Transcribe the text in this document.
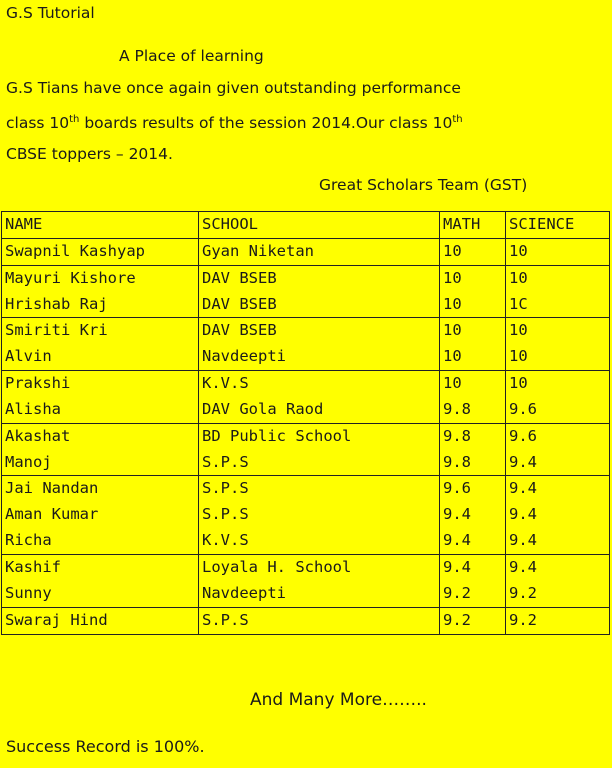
G.S Tutorial
A Place of learning
G.S Tians have once again given outstanding performance
class 10th boards results of the session 2014.Our class 10th
CBSE toppers – 2014.
Great Scholars Team (GST)
NAME	SCHOOL	MATH	SCIENCE
Swapnil Kashyap	Gyan Niketan	10	10
Mayuri Kishore	DAV BSEB	10	10
Hrishab Raj	DAV BSEB	10	1C
Smiriti Kri	DAV BSEB	10	10
Alvin	Navdeepti	10	10
Prakshi	K.V.S	10	10
Alisha	DAV Gola Raod	9.8	9.6
Akashat	BD Public School	9.8	9.6
Manoj	S.P.S	9.8	9.4
Jai Nandan	S.P.S	9.6	9.4
Aman Kumar	S.P.S	9.4	9.4
Richa	K.V.S	9.4	9.4
Kashif	Loyala H. School	9.4	9.4
Sunny	Navdeepti	9.2	9.2
Swaraj Hind	S.P.S	9.2	9.2
And Many More……..
Success Record is 100%.
